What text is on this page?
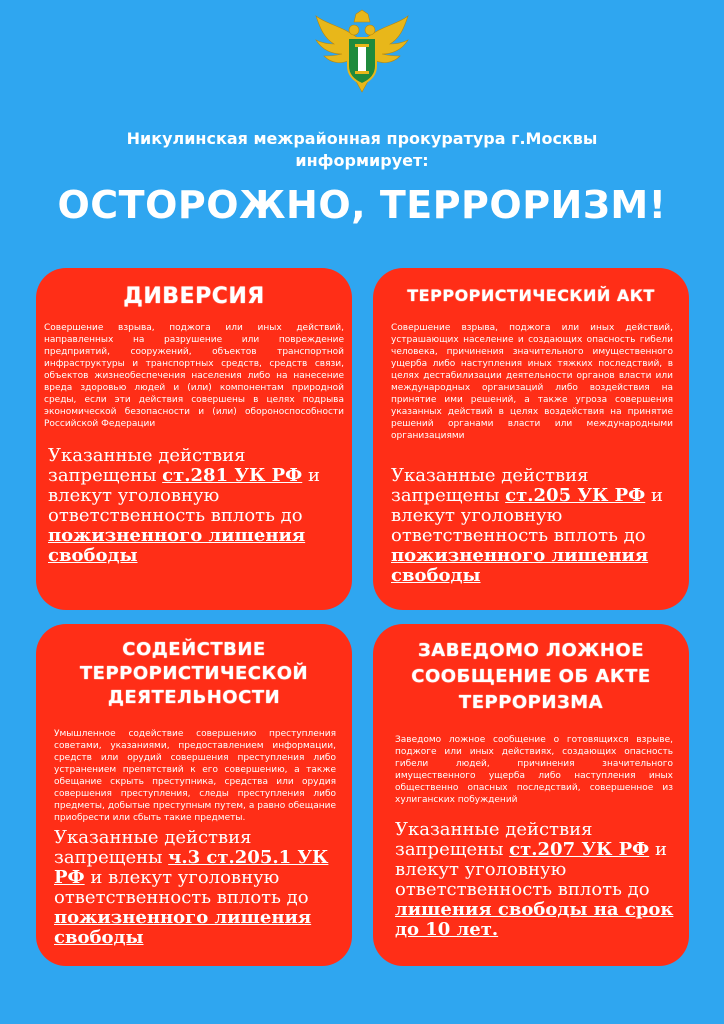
Никулинская межрайонная прокуратура г.Москвы
информирует:
ОСТОРОЖНО, ТЕРРОРИЗМ!
ДИВЕРСИЯ
Совершение взрыва, поджога или иных действий, направленных на разрушение или повреждение предприятий, сооружений, объектов транспортной инфраструктуры и транспортных средств, средств связи, объектов жизнеобеспечения населения либо на нанесение вреда здоровью людей и (или) компонентам природной среды, если эти действия совершены в целях подрыва экономической безопасности и (или) обороноспособности Российской Федерации
Указанные действия запрещены ст.281 УК РФ и влекут уголовную ответственность вплоть до пожизненного лишения свободы
ТЕРРОРИСТИЧЕСКИЙ АКТ
Совершение взрыва, поджога или иных действий, устрашающих население и создающих опасность гибели человека, причинения значительного имущественного ущерба либо наступления иных тяжких последствий, в целях дестабилизации деятельности органов власти или международных организаций либо воздействия на принятие ими решений, а также угроза совершения указанных действий в целях воздействия на принятие решений органами власти или международными организациями
Указанные действия запрещены ст.205 УК РФ и влекут уголовную ответственность вплоть до пожизненного лишения свободы
СОДЕЙСТВИЕ
ТЕРРОРИСТИЧЕСКОЙ
ДЕЯТЕЛЬНОСТИ
Умышленное содействие совершению преступления советами, указаниями, предоставлением информации, средств или орудий совершения преступления либо устранением препятствий к его совершению, а также обещание скрыть преступника, средства или орудия совершения преступления, следы преступления либо предметы, добытые преступным путем, а равно обещание приобрести или сбыть такие предметы.
Указанные действия запрещены ч.3 ст.205.1 УК РФ и влекут уголовную ответственность вплоть до пожизненного лишения свободы
ЗАВЕДОМО ЛОЖНОЕ
СООБЩЕНИЕ ОБ АКТЕ
ТЕРРОРИЗМА
Заведомо ложное сообщение о готовящихся взрыве, поджоге или иных действиях, создающих опасность гибели людей, причинения значительного имущественного ущерба либо наступления иных общественно опасных последствий, совершенное из хулиганских побуждений
Указанные действия запрещены ст.207 УК РФ и влекут уголовную ответственность вплоть до лишения свободы на срок до 10 лет.
